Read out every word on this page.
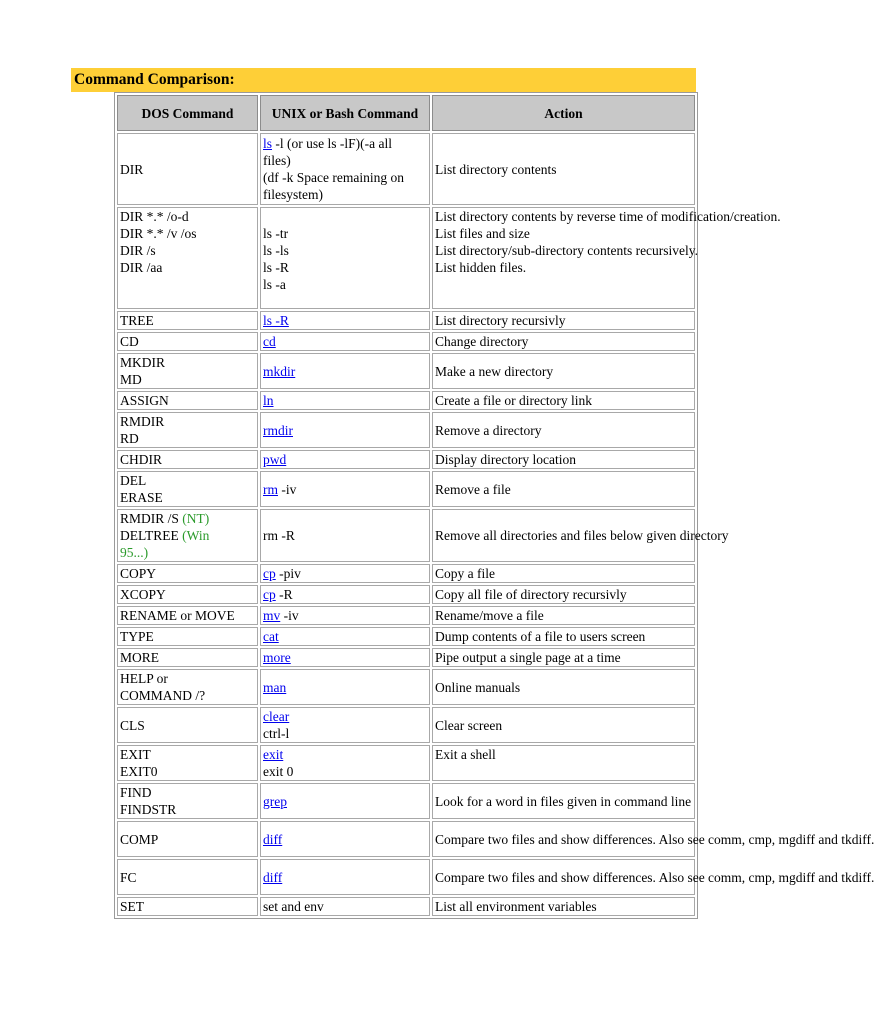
Command Comparison:
DOS Command	UNIX or Bash Command	Action

DIR	ls -l (or use ls -lF)(-a all
files)
(df -k Space remaining on
filesystem)	List directory contents

DIR *.* /o-d
DIR *.* /v /os
DIR /s
DIR /aa	ls -tr
ls -ls
ls -R
ls -a	List directory contents by reverse time of modification/creation.
List files and size
List directory/sub-directory contents recursively.
List hidden files.

TREE	ls -R	List directory recursivly

CD	cd	Change directory

MKDIR
MD	mkdir	Make a new directory

ASSIGN	ln	Create a file or directory link

RMDIR
RD	rmdir	Remove a directory

CHDIR	pwd	Display directory location

DEL
ERASE	rm -iv	Remove a file

RMDIR /S (NT)
DELTREE (Win
95...)	rm -R	Remove all directories and files below given directory

COPY	cp -piv	Copy a file

XCOPY	cp -R	Copy all file of directory recursivly

RENAME or MOVE	mv -iv	Rename/move a file

TYPE	cat	Dump contents of a file to users screen

MORE	more	Pipe output a single page at a time

HELP or
COMMAND /?	man	Online manuals

CLS	clear
ctrl-l	Clear screen

EXIT
EXIT0	exit
exit 0	Exit a shell

FIND
FINDSTR	grep	Look for a word in files given in command line

COMP	diff	Compare two files and show differences. Also see comm, cmp, mgdiff and tkdiff.

FC	diff	Compare two files and show differences. Also see comm, cmp, mgdiff and tkdiff.

SET	set and env	List all environment variables
